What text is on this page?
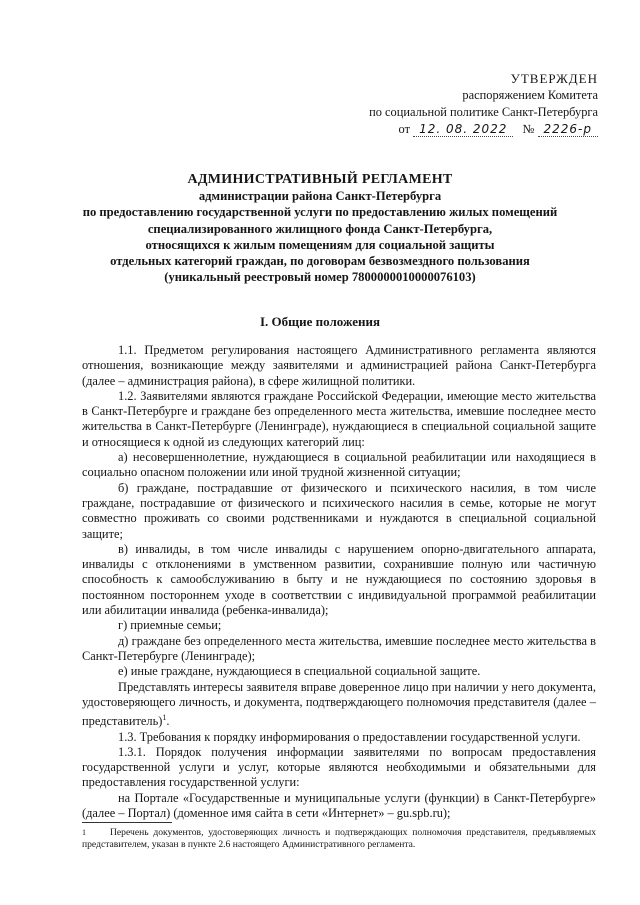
УТВЕРЖДЕН
распоряжением Комитета
по социальной политике Санкт-Петербурга
от 12. 08. 2022 № 2226-р
АДМИНИСТРАТИВНЫЙ РЕГЛАМЕНТ
администрации района Санкт-Петербурга
по предоставлению государственной услуги по предоставлению жилых помещений
специализированного жилищного фонда Санкт-Петербурга,
относящихся к жилым помещениям для социальной защиты
отдельных категорий граждан, по договорам безвозмездного пользования
(уникальный реестровый номер 7800000010000076103)
I. Общие положения

1.1. Предметом регулирования настоящего Административного регламента являются отношения, возникающие между заявителями и администрацией района Санкт-Петербурга (далее – администрация района), в сфере жилищной политики.

1.2. Заявителями являются граждане Российской Федерации, имеющие место жительства в Санкт-Петербурге и граждане без определенного места жительства, имевшие последнее место жительства в Санкт-Петербурге (Ленинграде), нуждающиеся в специальной социальной защите и относящиеся к одной из следующих категорий лиц:

а) несовершеннолетние, нуждающиеся в социальной реабилитации или находящиеся в социально опасном положении или иной трудной жизненной ситуации;

б) граждане, пострадавшие от физического и психического насилия, в том числе граждане, пострадавшие от физического и психического насилия в семье, которые не могут совместно проживать со своими родственниками и нуждаются в специальной социальной защите;

в) инвалиды, в том числе инвалиды с нарушением опорно-двигательного аппарата, инвалиды с отклонениями в умственном развитии, сохранившие полную или частичную способность к самообслуживанию в быту и не нуждающиеся по состоянию здоровья в постоянном постороннем уходе в соответствии с индивидуальной программой реабилитации или абилитации инвалида (ребенка-инвалида);

г) приемные семьи;

д) граждане без определенного места жительства, имевшие последнее место жительства в Санкт-Петербурге (Ленинграде);

е) иные граждане, нуждающиеся в специальной социальной защите.

Представлять интересы заявителя вправе доверенное лицо при наличии у него документа, удостоверяющего личность, и документа, подтверждающего полномочия представителя (далее – представитель)$^1$.

1.3. Требования к порядку информирования о предоставлении государственной услуги.

1.3.1. Порядок получения информации заявителями по вопросам предоставления государственной услуги и услуг, которые являются необходимыми и обязательными для предоставления государственной услуги:

на Портале «Государственные и муниципальные услуги (функции) в Санкт-Петербурге» (далее – Портал) (доменное имя сайта в сети «Интернет» – gu.spb.ru);

1	Перечень документов, удостоверяющих личность и подтверждающих полномочия представителя, предъявляемых представителем, указан в пункте 2.6 настоящего Административного регламента.
